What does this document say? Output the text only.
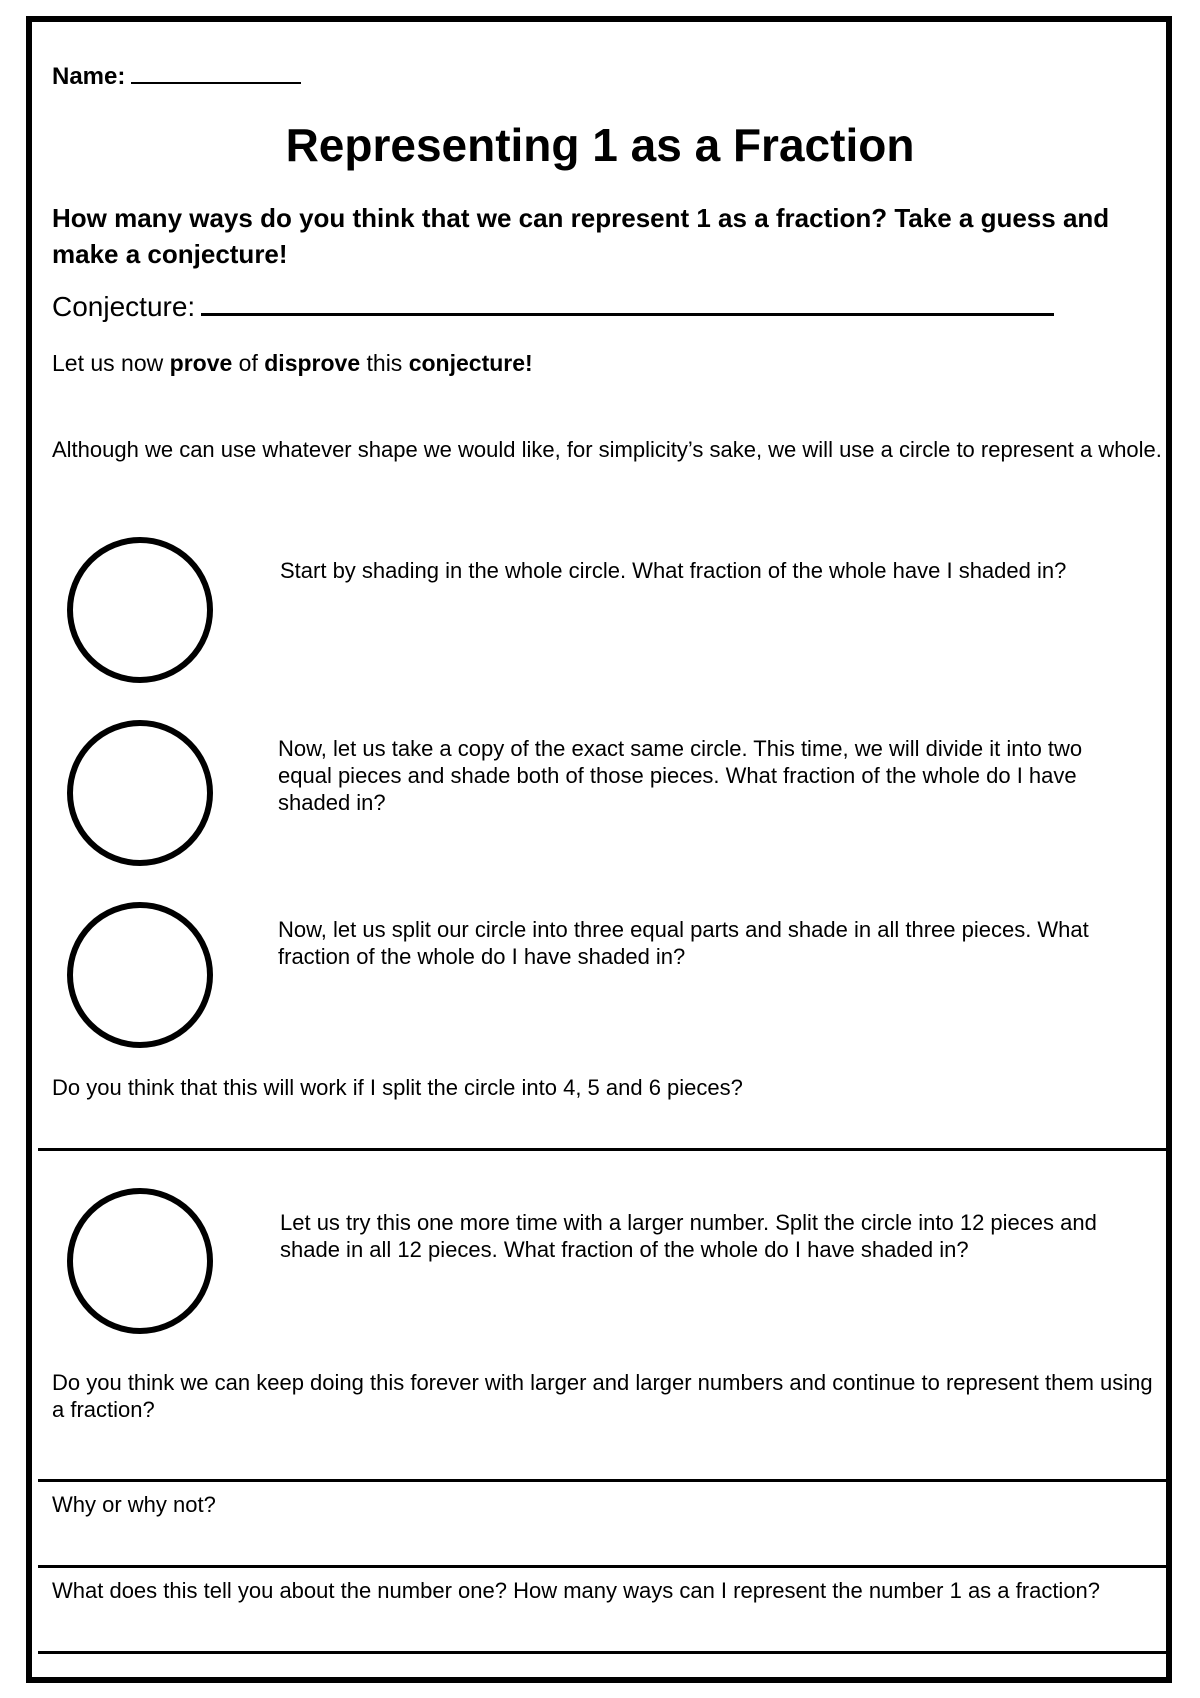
Name:
Representing 1 as a Fraction
How many ways do you think that we can represent 1 as a fraction? Take a guess and make a conjecture!
Conjecture:
Let us now prove of disprove this conjecture!
Although we can use whatever shape we would like, for simplicity’s sake, we will use a circle to represent a whole.
Start by shading in the whole circle. What fraction of the whole have I shaded in?
Now, let us take a copy of the exact same circle. This time, we will divide it into two equal pieces and shade both of those pieces. What fraction of the whole do I have shaded in?
Now, let us split our circle into three equal parts and shade in all three pieces. What fraction of the whole do I have shaded in?
Do you think that this will work if I split the circle into 4, 5 and 6 pieces?
Let us try this one more time with a larger number. Split the circle into 12 pieces and shade in all 12 pieces. What fraction of the whole do I have shaded in?
Do you think we can keep doing this forever with larger and larger numbers and continue to represent them using a fraction?
Why or why not?
What does this tell you about the number one? How many ways can I represent the number 1 as a fraction?
